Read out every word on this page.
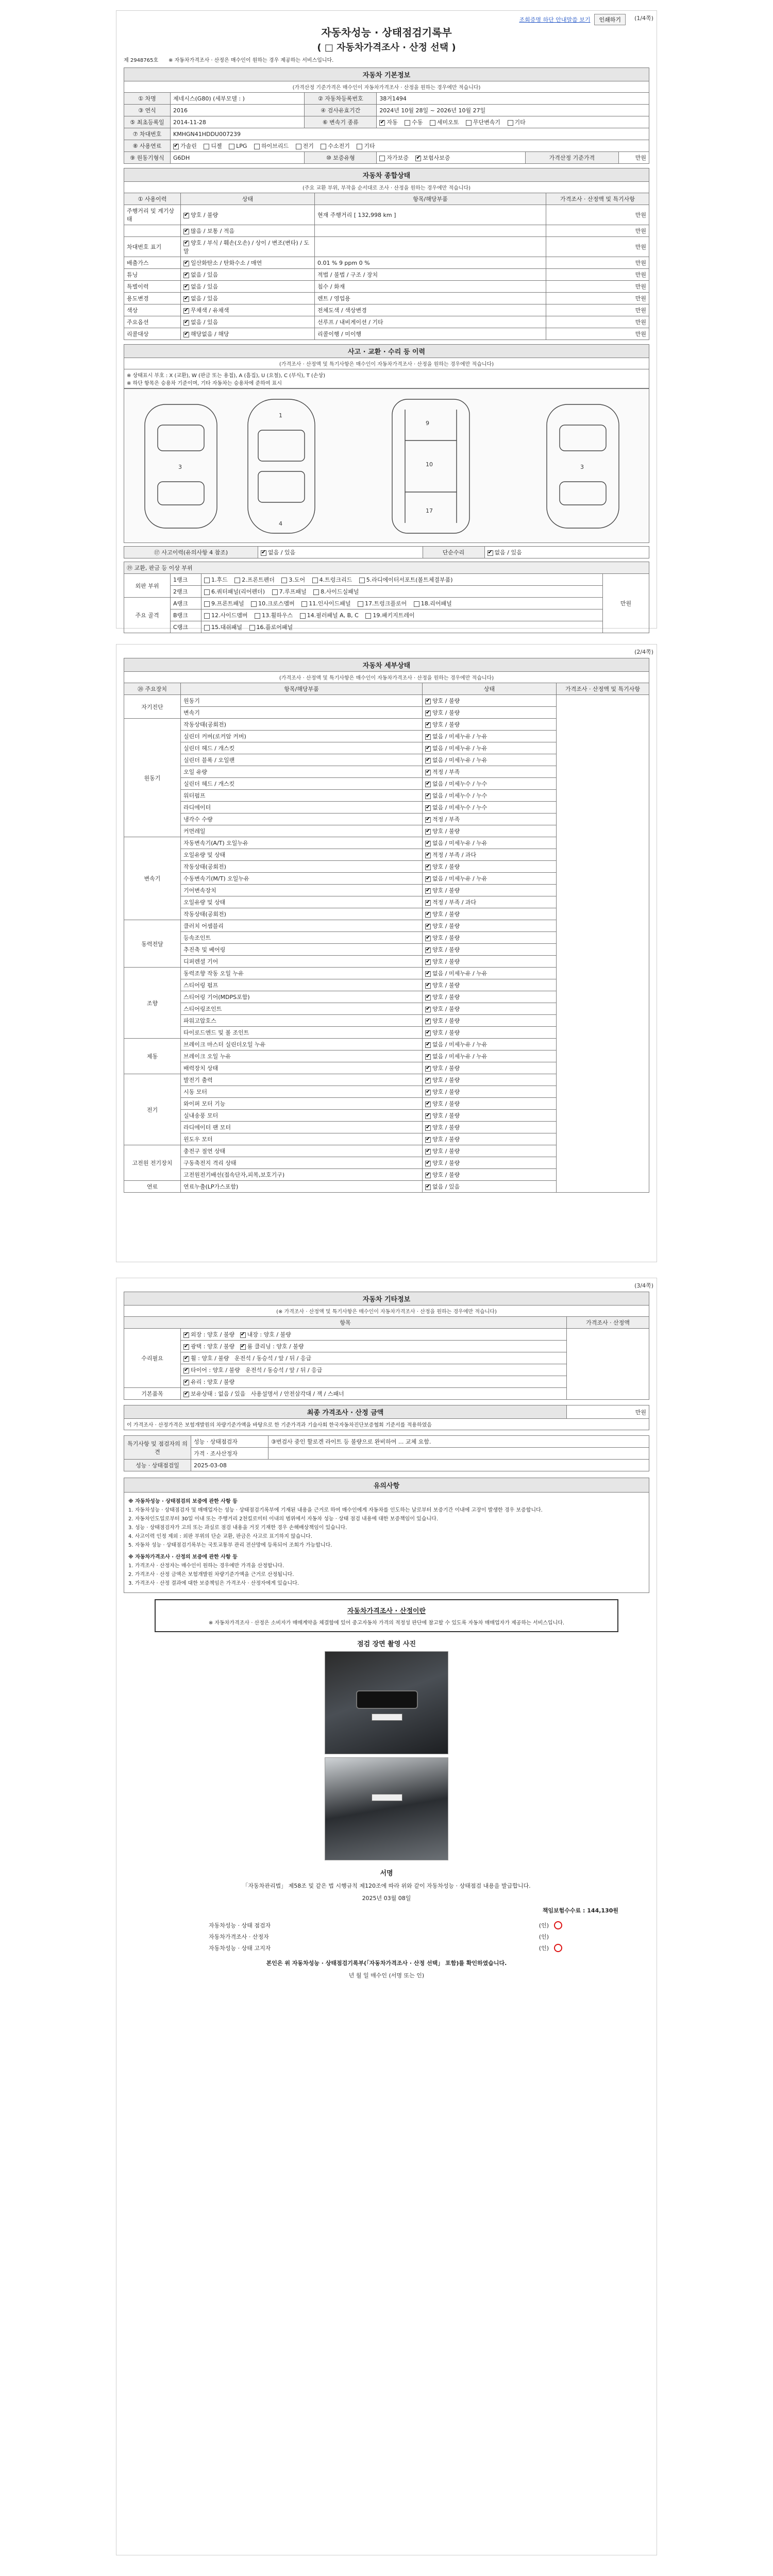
조회증명 하단 안내말씀 보기	인쇄하기	(1/4쪽)
자동차성능 · 상태점검기록부
( □ 자동차가격조사 · 산정 선택 )
제 2948765호 ※ 자동차가격조사 · 산정은 매수인이 원하는 경우 제공하는 서비스입니다.
자동차 기본정보					
(가격산정 기준가격은 매수인이 자동차가격조사 · 산정을 원하는 경우에만 적습니다)					
① 차명	제네시스(G80) (세부모델 : )	② 자동차등록번호	38거1494		
③ 연식	2016	④ 검사유효기간	2024년 10월 28일 ~ 2026년 10월 27일		
⑤ 최초등록일	2014-11-28	⑥ 변속기 종류	✔자동 수동 세미오토 무단변속기 기타
⑦ 차대번호	KMHGN41HDDU007239				
⑧ 사용연료	✔가솔린 디젤 LPG 하이브리드 전기 수소전기 기타
⑨ 원동기형식	G6DH	⑩ 보증유형	자가보증 ✔ 보험사보증	가격산정 기준가격	만원
자동차 종합상태			
(주요 교환 부위, 부작을 순서대로 조사 · 산정을 원하는 경우에만 적습니다)			
① 사용이력	상태	항목/해당부품	가격조사 · 산정액 및 특기사항
주행거리 및 계기상태	✔양호 / 불량	현재 주행거리 [ 132,998 km ]	만원
	✔많음 / 보통 / 적음		만원
차대번호 표기	✔양호 / 부식 / 훼손(오손) / 상이 / 변조(변타) / 도말		만원
배출가스	✔일산화탄소 / 탄화수소 / 매연	0.01 % 9 ppm 0 %	만원
튜닝	✔없음 / 있음	적법 / 불법 / 구조 / 장치	만원
특별이력	✔없음 / 있음	침수 / 화재	만원
용도변경	✔없음 / 있음	렌트 / 영업용	만원
색상	✔무채색 / 유채색	전체도색 / 색상변경	만원
주요옵션	✔없음 / 있음	선루프 / 내비게이션 / 기타	만원
리콜대상	✔해당없음 / 해당	리콜이행 / 미이행	만원
사고 · 교환 · 수리 등 이력
(가격조사 · 산정액 및 특기사항은 매수인이 자동차가격조사 · 산정을 원하는 경우에만 적습니다)

※ 상태표시 부호 : X (교환), W (판금 또는 용접), A (흠집), U (요철), C (부식), T (손상)
※ 하단 항목은 승용차 기준이며, 기타 자동차는 승용차에 준하여 표시
1
4
9
10
17
3	3
⑰ 사고이력(유의사항 4 참조)	✔없음 / 있음	단순수리	✔없음 / 있음
⑲ 교환, 판금 등 이상 부위			
외판 부위	1랭크	1.후드 2.프론트펜더 3.도어 4.트렁크리드 5.라디에이터서포트(볼트체결부품)	만원
	2랭크	6.쿼터패널(리어펜더) 7.루프패널 8.사이드실패널	
주요 골격	A랭크	9.프론트패널 10.크로스멤버 11.인사이드패널 17.트렁크플로어 18.리어패널	
	B랭크	12.사이드멤버 13.휠하우스 14.필러패널 A, B, C 19.패키지트레이	
	C랭크	15.대쉬패널 16.플로어패널	
(2/4쪽)
자동차 세부상태			
(가격조사 · 산정액 및 특기사항은 매수인이 자동차가격조사 · 산정을 원하는 경우에만 적습니다)			
⑳ 주요장치	항목/해당부품	상태	가격조사 · 산정액 및 특기사항
자기진단	원동기	✔양호 / 불량	
	변속기	✔양호 / 불량
원동기	작동상태(공회전)	✔양호 / 불량
	실린더 커버(로커암 커버)	✔없음 / 미세누유 / 누유
	실린더 헤드 / 개스킷	✔없음 / 미세누유 / 누유
	실린더 블록 / 오일팬	✔없음 / 미세누유 / 누유
	오일 유량	✔적정 / 부족
	실린더 헤드 / 개스킷	✔없음 / 미세누수 / 누수
	워터펌프	✔없음 / 미세누수 / 누수
	라디에이터	✔없음 / 미세누수 / 누수
	냉각수 수량	✔적정 / 부족
	커먼레일	✔양호 / 불량
변속기	자동변속기(A/T) 오일누유	✔없음 / 미세누유 / 누유
	오일유량 및 상태	✔적정 / 부족 / 과다
	작동상태(공회전)	✔양호 / 불량
	수동변속기(M/T) 오일누유	✔없음 / 미세누유 / 누유
	기어변속장치	✔양호 / 불량
	오일유량 및 상태	✔적정 / 부족 / 과다
	작동상태(공회전)	✔양호 / 불량
동력전달	클러치 어셈블리	✔양호 / 불량
	등속조인트	✔양호 / 불량
	추진축 및 베어링	✔양호 / 불량
	디퍼렌셜 기어	✔양호 / 불량
조향	동력조향 작동 오일 누유	✔없음 / 미세누유 / 누유
	스티어링 펌프	✔양호 / 불량
	스티어링 기어(MDPS포함)	✔양호 / 불량
	스티어링조인트	✔양호 / 불량
	파워고압호스	✔양호 / 불량
	타이로드엔드 및 볼 조인트	✔양호 / 불량
제동	브레이크 마스터 실린더오일 누유	✔없음 / 미세누유 / 누유
	브레이크 오일 누유	✔없음 / 미세누유 / 누유
	배력장치 상태	✔양호 / 불량
전기	발전기 출력	✔양호 / 불량
	시동 모터	✔양호 / 불량
	와이퍼 모터 기능	✔양호 / 불량
	실내송풍 모터	✔양호 / 불량
	라디에이터 팬 모터	✔양호 / 불량
	윈도우 모터	✔양호 / 불량
고전원 전기장치	충전구 절연 상태	✔양호 / 불량
	구동축전지 격리 상태	✔양호 / 불량
	고전원전기배선(접속단자,피복,보호기구)	✔양호 / 불량
연료	연료누출(LP가스포함)	✔없음 / 있음
(3/4쪽)
자동차 기타정보		
(※ 가격조사 · 산정액 및 특기사항은 매수인이 자동차가격조사 · 산정을 원하는 경우에만 적습니다)		
항목		가격조사 · 산정액
수리필요	✔외장 : 양호 / 불량 ✔ 내장 : 양호 / 불량	
✔광택 : 양호 / 불량 ✔ 룸 클리닝 : 양호 / 불량
✔휠 : 양호 / 불량 운전석 / 동승석 / 앞 / 뒤 / 응급
✔타이어 : 양호 / 불량 운전석 / 동승석 / 앞 / 뒤 / 응급
✔유리 : 양호 / 불량
기본품목	✔보유상태 : 없음 / 있음 사용설명서 / 안전삼각대 / 잭 / 스패너
최종 가격조사 · 산정 금액	만원
이 가격조사 · 산정가격은 보험개발원의 차량기준가액을 바탕으로 한 기준가격과 기술사회 한국자동차진단보증협회 기준서를 적용하였음
특기사항 및 점검자의 의견	성능 · 상태점검자	③번검사 중인 할로겐 라이트 등 불량으로 완비하여 ... 교체 요함.
	가격 · 조사산정자	
성능 · 상태점검일	2025-03-08	
유의사항

※ 자동차성능 · 상태점검의 보증에 관한 사항 등

1. 자동차성능 · 상태점검자 및 매매업자는 성능 · 상태점검기록부에 기재된 내용을 근거로 하여 매수인에게 자동차를 인도하는 날로부터 보증기간 이내에 고장이 발생한 경우 보증합니다.

2. 자동차인도일로부터 30일 이내 또는 주행거리 2천킬로미터 이내의 범위에서 자동차 성능 · 상태 점검 내용에 대한 보증책임이 있습니다.

3. 성능 · 상태점검자가 고의 또는 과실로 점검 내용을 거짓 기재한 경우 손해배상책임이 있습니다.

4. 사고이력 인정 제외 : 외판 부위의 단순 교환, 판금은 사고로 표기하지 않습니다.

5. 자동차 성능 · 상태점검기록부는 국토교통부 관리 전산망에 등록되어 조회가 가능합니다.

※ 자동차가격조사 · 산정의 보증에 관한 사항 등

1. 가격조사 · 산정자는 매수인이 원하는 경우에만 가격을 산정합니다.

2. 가격조사 · 산정 금액은 보험개발원 차량기준가액을 근거로 산정됩니다.

3. 가격조사 · 산정 결과에 대한 보증책임은 가격조사 · 산정자에게 있습니다.

자동차가격조사 · 산정이란
※ 자동차가격조사 · 산정은 소비자가 매매계약을 체결함에 있어 중고자동차 가격의 적정성 판단에 참고할 수 있도록 자동차 매매업자가 제공하는 서비스입니다.
점검 장면 촬영 사진
서명
「자동차관리법」 제58조 및 같은 법 시행규칙 제120조에 따라 위와 같이 자동차성능 · 상태점검 내용을 발급합니다.
2025년 03월 08일
책임보험수수료 : 144,130원
자동차성능 · 상태 점검자	(인)	
자동차가격조사 · 산정자	(인)	
자동차성능 · 상태 고지자	(인)	
본인은 위 자동차성능 · 상태점검기록부(「자동차가격조사 · 산정 선택」 포함)를 확인하였습니다.
년 월 일 매수인 (서명 또는 인)
